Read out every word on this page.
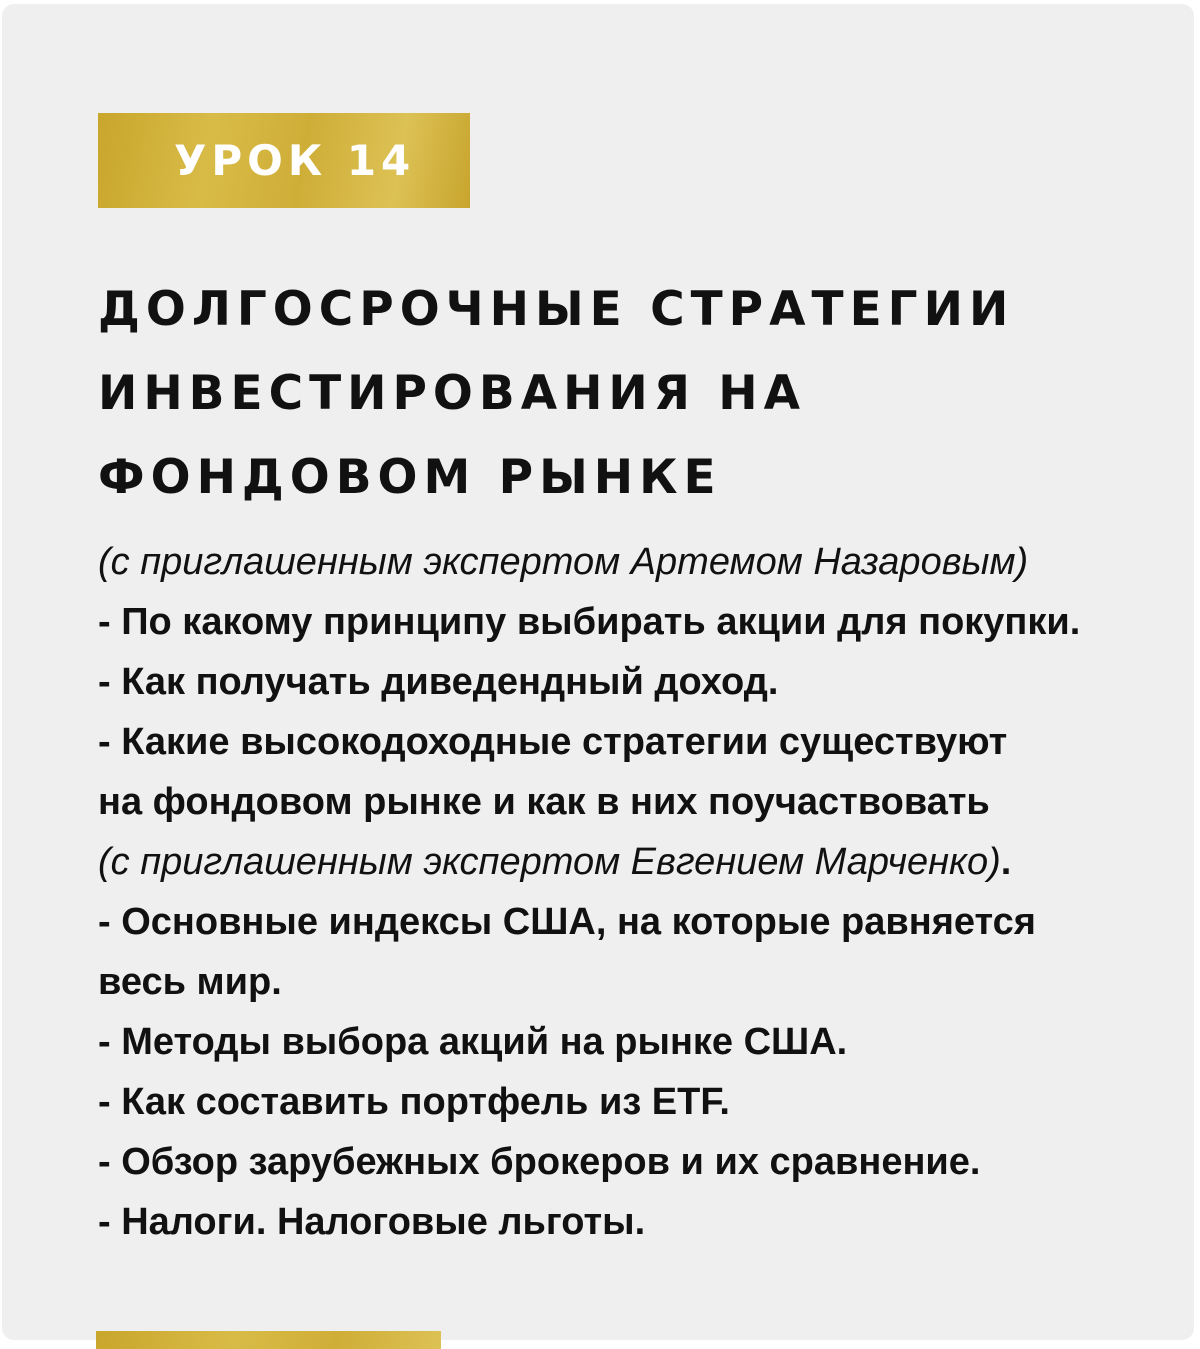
УРОК 14
ДОЛГОСРОЧНЫЕ СТРАТЕГИИ
ИНВЕСТИРОВАНИЯ НА
ФОНДОВОМ РЫНКЕ
(с приглашенным экспертом Артемом Назаровым)
- По какому принципу выбирать акции для покупки.
- Как получать диведендный доход.
- Какие высокодоходные стратегии существуют
на фондовом рынке и как в них поучаствовать
(с приглашенным экспертом Евгением Марченко).
- Основные индексы США, на которые равняется
весь мир.
- Методы выбора акций на рынке США.
- Как составить портфель из ETF.
- Обзор зарубежных брокеров и их сравнение.
- Налоги. Налоговые льготы.
